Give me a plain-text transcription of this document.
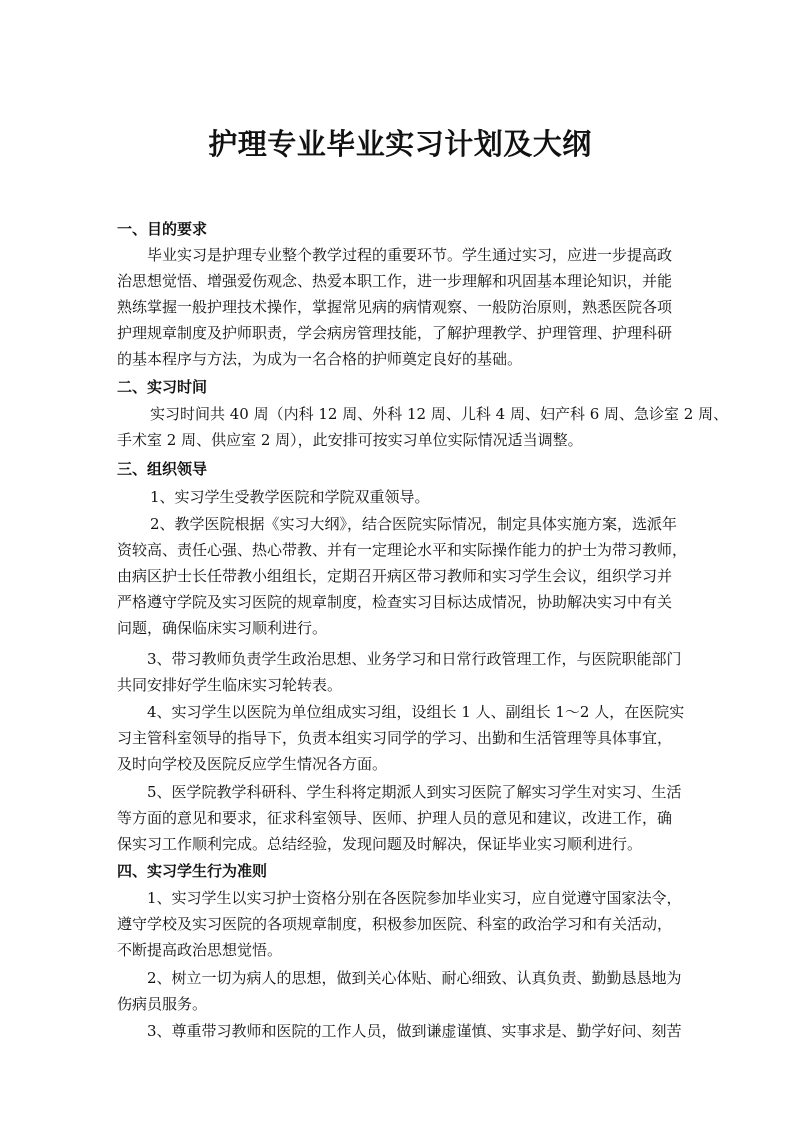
护理专业毕业实习计划及大纲
一、目的要求
毕业实习是护理专业整个教学过程的重要环节。学生通过实习，应进一步提高政
治思想觉悟、增强爱伤观念、热爱本职工作，进一步理解和巩固基本理论知识，并能
熟练掌握一般护理技术操作，掌握常见病的病情观察、一般防治原则，熟悉医院各项
护理规章制度及护师职责，学会病房管理技能，了解护理教学、护理管理、护理科研
的基本程序与方法，为成为一名合格的护师奠定良好的基础。
二、实习时间
实习时间共 40 周（内科 12 周、外科 12 周、儿科 4 周、妇产科 6 周、急诊室 2 周、
手术室 2 周、供应室 2 周），此安排可按实习单位实际情况适当调整。
三、组织领导
1、实习学生受教学医院和学院双重领导。
2、教学医院根据《实习大纲》，结合医院实际情况，制定具体实施方案，选派年
资较高、责任心强、热心带教、并有一定理论水平和实际操作能力的护士为带习教师，
由病区护士长任带教小组组长，定期召开病区带习教师和实习学生会议，组织学习并
严格遵守学院及实习医院的规章制度，检查实习目标达成情况，协助解决实习中有关
问题，确保临床实习顺利进行。
3、带习教师负责学生政治思想、业务学习和日常行政管理工作，与医院职能部门
共同安排好学生临床实习轮转表。
4、实习学生以医院为单位组成实习组，设组长 1 人、副组长 1～2 人，在医院实
习主管科室领导的指导下，负责本组实习同学的学习、出勤和生活管理等具体事宜，
及时向学校及医院反应学生情况各方面。
5、医学院教学科研科、学生科将定期派人到实习医院了解实习学生对实习、生活
等方面的意见和要求，征求科室领导、医师、护理人员的意见和建议，改进工作，确
保实习工作顺利完成。总结经验，发现问题及时解决，保证毕业实习顺利进行。
四、实习学生行为准则
1、实习学生以实习护士资格分别在各医院参加毕业实习，应自觉遵守国家法令，
遵守学校及实习医院的各项规章制度，积极参加医院、科室的政治学习和有关活动，
不断提高政治思想觉悟。
2、树立一切为病人的思想，做到关心体贴、耐心细致、认真负责、勤勤恳恳地为
伤病员服务。
3、尊重带习教师和医院的工作人员，做到谦虚谨慎、实事求是、勤学好问、刻苦
